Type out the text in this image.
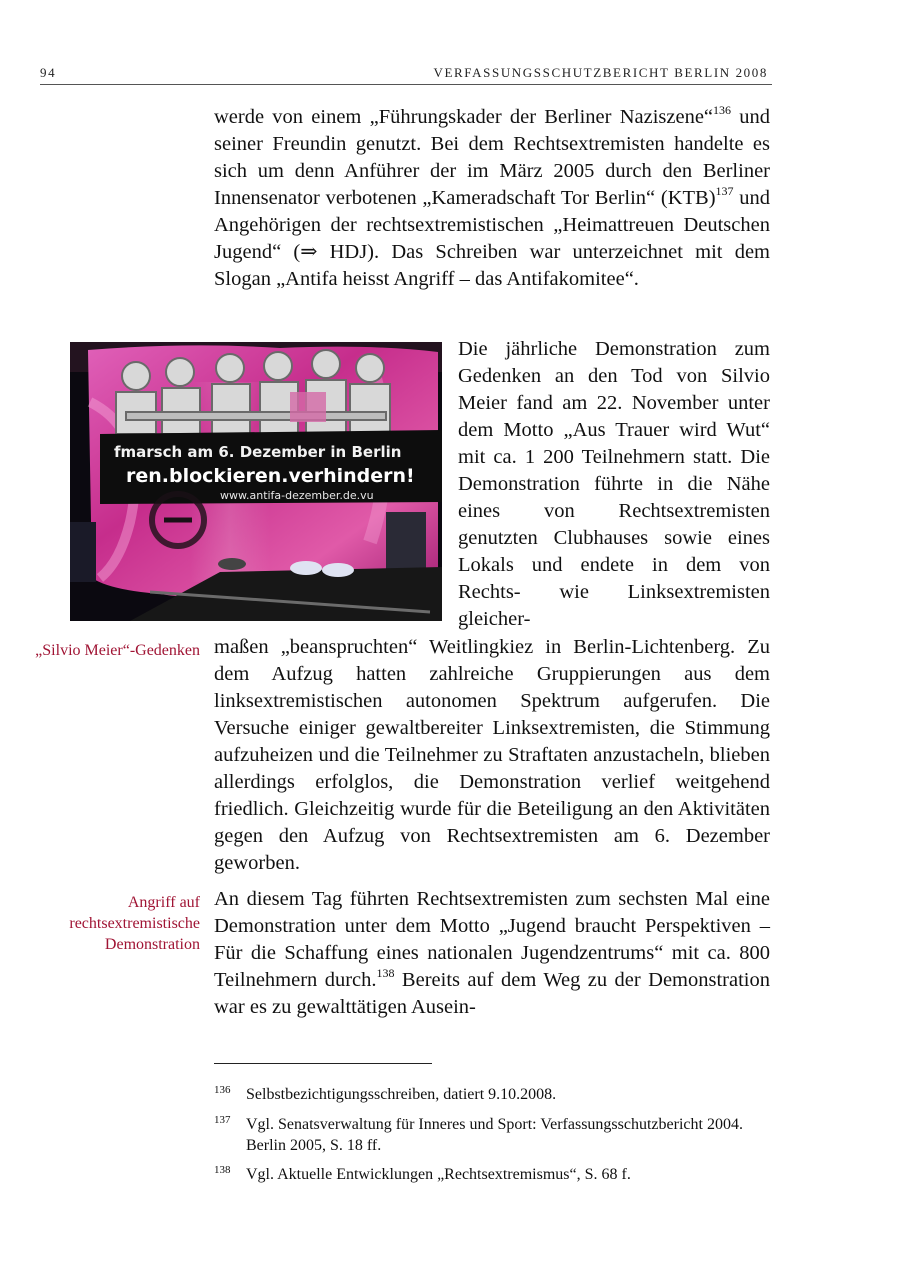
94	VERFASSUNGSSCHUTZBERICHT BERLIN 2008

werde von einem „Führungskader der Berliner Naziszene“$^{136}$ und seiner Freundin genutzt. Bei dem Rechtsextremisten handelte es sich um denn Anführer der im März 2005 durch den Berliner Innensenator verbotenen „Kameradschaft Tor Berlin“ (KTB)$^{137}$ und Angehörigen der rechtsextremistischen „Heimattreuen Deutschen Jugend“ (⇒ HDJ). Das Schreiben war unterzeichnet mit dem Slogan „Antifa heisst Angriff – das Antifakomitee“.

fmarsch am 6. Dezember in Berlin
ren.blockieren.verhindern!
www.antifa-dezember.de.vu

Die jährliche Demonstration zum Gedenken an den Tod von Silvio Meier fand am 22. November unter dem Motto „Aus Trauer wird Wut“ mit ca. 1 200 Teilnehmern statt. Die Demonstration führte in die Nähe eines von Rechtsextremisten genutzten Clubhauses sowie eines Lokals und endete in dem von Rechts- wie Linksextremisten gleicher-

„Silvio Meier“-Gedenken maßen „beanspruchten“ Weitlingkiez in Berlin-Lichtenberg. Zu dem Aufzug hatten zahlreiche Gruppierungen aus dem linksextremistischen autonomen Spektrum aufgerufen. Die Versuche einiger gewaltbereiter Linksextremisten, die Stimmung aufzuheizen und die Teilnehmer zu Straftaten anzustacheln, blieben allerdings erfolglos, die Demonstration verlief weitgehend friedlich. Gleichzeitig wurde für die Beteiligung an den Aktivitäten gegen den Aufzug von Rechtsextremisten am 6. Dezember geworben.

Angriff auf rechtsextremistische Demonstration

An diesem Tag führten Rechtsextremisten zum sechsten Mal eine Demonstration unter dem Motto „Jugend braucht Perspektiven – Für die Schaffung eines nationalen Jugendzentrums“ mit ca. 800 Teilnehmern durch.$^{138}$ Bereits auf dem Weg zu der Demonstration war es zu gewalttätigen Ausein-

136 Selbstbezichtigungsschreiben, datiert 9.10.2008.
137 Vgl. Senatsverwaltung für Inneres und Sport: Verfassungsschutzbericht 2004. Berlin 2005, S. 18 ff.
138 Vgl. Aktuelle Entwicklungen „Rechtsextremismus“, S. 68 f.
